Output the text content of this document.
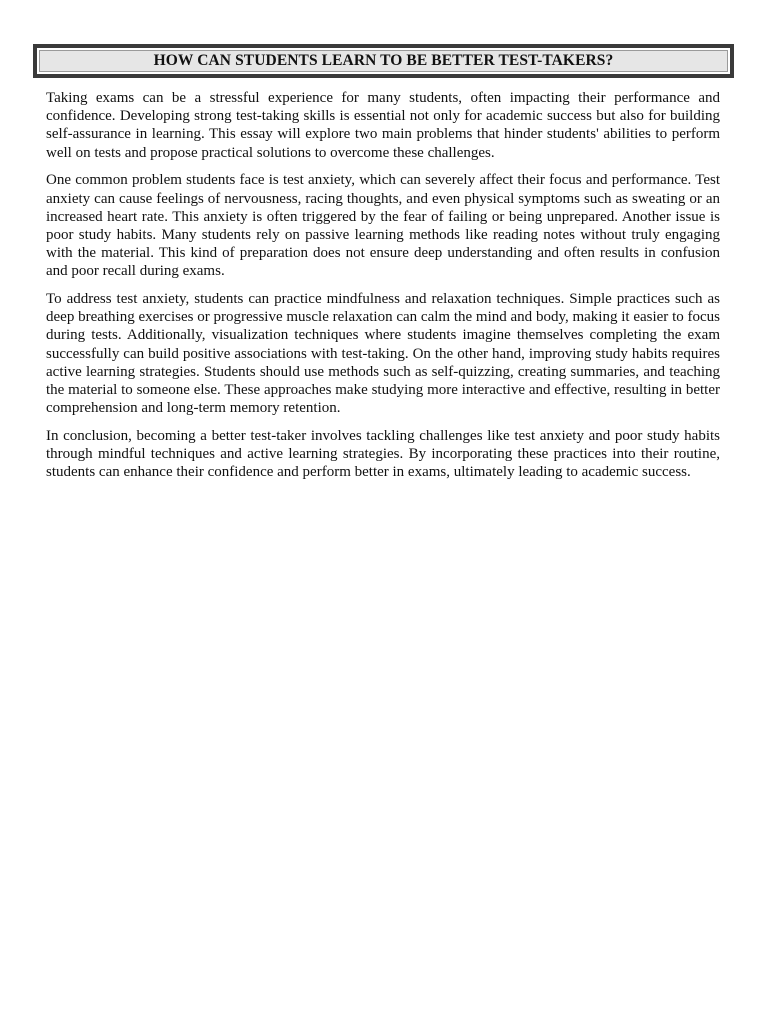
HOW CAN STUDENTS LEARN TO BE BETTER TEST-TAKERS?

Taking exams can be a stressful experience for many students, often impacting their performance and confidence. Developing strong test-taking skills is essential not only for academic success but also for building self-assurance in learning. This essay will explore two main problems that hinder students' abilities to perform well on tests and propose practical solutions to overcome these challenges.

One common problem students face is test anxiety, which can severely affect their focus and performance. Test anxiety can cause feelings of nervousness, racing thoughts, and even physical symptoms such as sweating or an increased heart rate. This anxiety is often triggered by the fear of failing or being unprepared. Another issue is poor study habits. Many students rely on passive learning methods like reading notes without truly engaging with the material. This kind of preparation does not ensure deep understanding and often results in confusion and poor recall during exams.

To address test anxiety, students can practice mindfulness and relaxation techniques. Simple practices such as deep breathing exercises or progressive muscle relaxation can calm the mind and body, making it easier to focus during tests. Additionally, visualization techniques where students imagine themselves completing the exam successfully can build positive associations with test-taking. On the other hand, improving study habits requires active learning strategies. Students should use methods such as self-quizzing, creating summaries, and teaching the material to someone else. These approaches make studying more interactive and effective, resulting in better comprehension and long-term memory retention.

In conclusion, becoming a better test-taker involves tackling challenges like test anxiety and poor study habits through mindful techniques and active learning strategies. By incorporating these practices into their routine, students can enhance their confidence and perform better in exams, ultimately leading to academic success.
